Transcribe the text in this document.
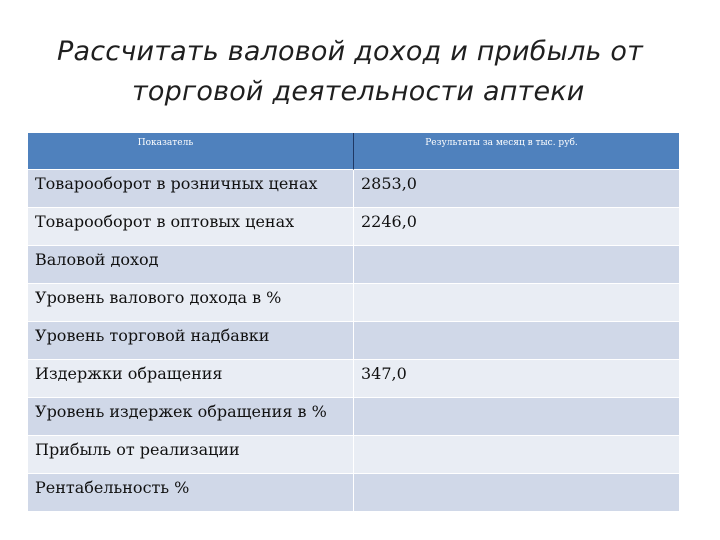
Рассчитать валовой доход и прибыль от
торговой деятельности аптеки
Показатель	Результаты за месяц в тыс. руб.

Товарооборот в розничных ценах	2853,0

Товарооборот в оптовых ценах	2246,0

Валовой доход	

Уровень валового дохода в %	

Уровень торговой надбавки	

Издержки обращения	347,0

Уровень издержек обращения в %	

Прибыль от реализации	

Рентабельность %	
